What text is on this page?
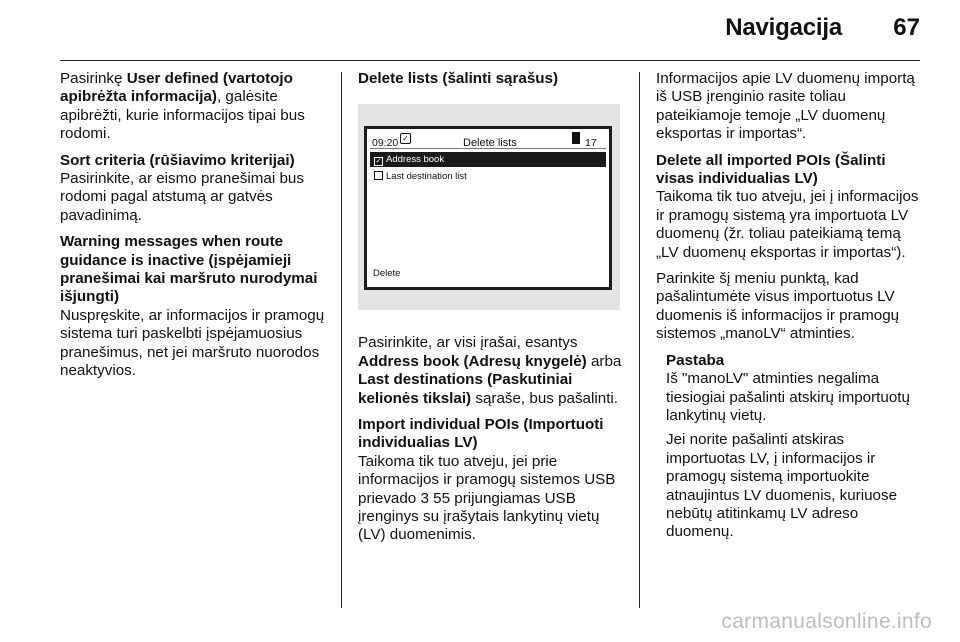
Navigacija 67

Pasirinkę User defined (vartotojo apibrėžta informacija), galėsite apibrėžti, kurie informacijos tipai bus rodomi.

Sort criteria (rūšiavimo kriterijai)

Pasirinkite, ar eismo pranešimai bus rodomi pagal atstumą ar gatvės pavadinimą.

Warning messages when route guidance is inactive (įspėjamieji pranešimai kai maršruto nurodymai išjungti)

Nuspręskite, ar informacijos ir pramogų sistema turi paskelbti įspėjamuosius pranešimus, net jei maršruto nuorodos neaktyvios.

Delete lists (šalinti sąrašus)

09:20 ✓	Delete lists	17
✓ Address book
Last destination list
Delete

Pasirinkite, ar visi įrašai, esantys Address book (Adresų knygelė) arba Last destinations (Paskutiniai kelionės tikslai) sąraše, bus pašalinti.

Import individual POIs (Importuoti individualias LV)

Taikoma tik tuo atveju, jei prie informacijos ir pramogų sistemos USB prievado 3 55 prijungiamas USB įrenginys su įrašytais lankytinų vietų (LV) duomenimis.

Informacijos apie LV duomenų importą iš USB įrenginio rasite toliau pateikiamoje temoje „LV duomenų eksportas ir importas“.

Delete all imported POIs (Šalinti visas individualias LV)

Taikoma tik tuo atveju, jei į informacijos ir pramogų sistemą yra importuota LV duomenų (žr. toliau pateikiamą temą „LV duomenų eksportas ir importas“).

Parinkite šį meniu punktą, kad pašalintumėte visus importuotus LV duomenis iš informacijos ir pramogų sistemos „manoLV“ atminties.

Pastaba

Iš "manoLV" atminties negalima tiesiogiai pašalinti atskirų importuotų lankytinų vietų.

Jei norite pašalinti atskiras importuotas LV, į informacijos ir pramogų sistemą importuokite atnaujintus LV duomenis, kuriuose nebūtų atitinkamų LV adreso duomenų.

carmanualsonline.info
